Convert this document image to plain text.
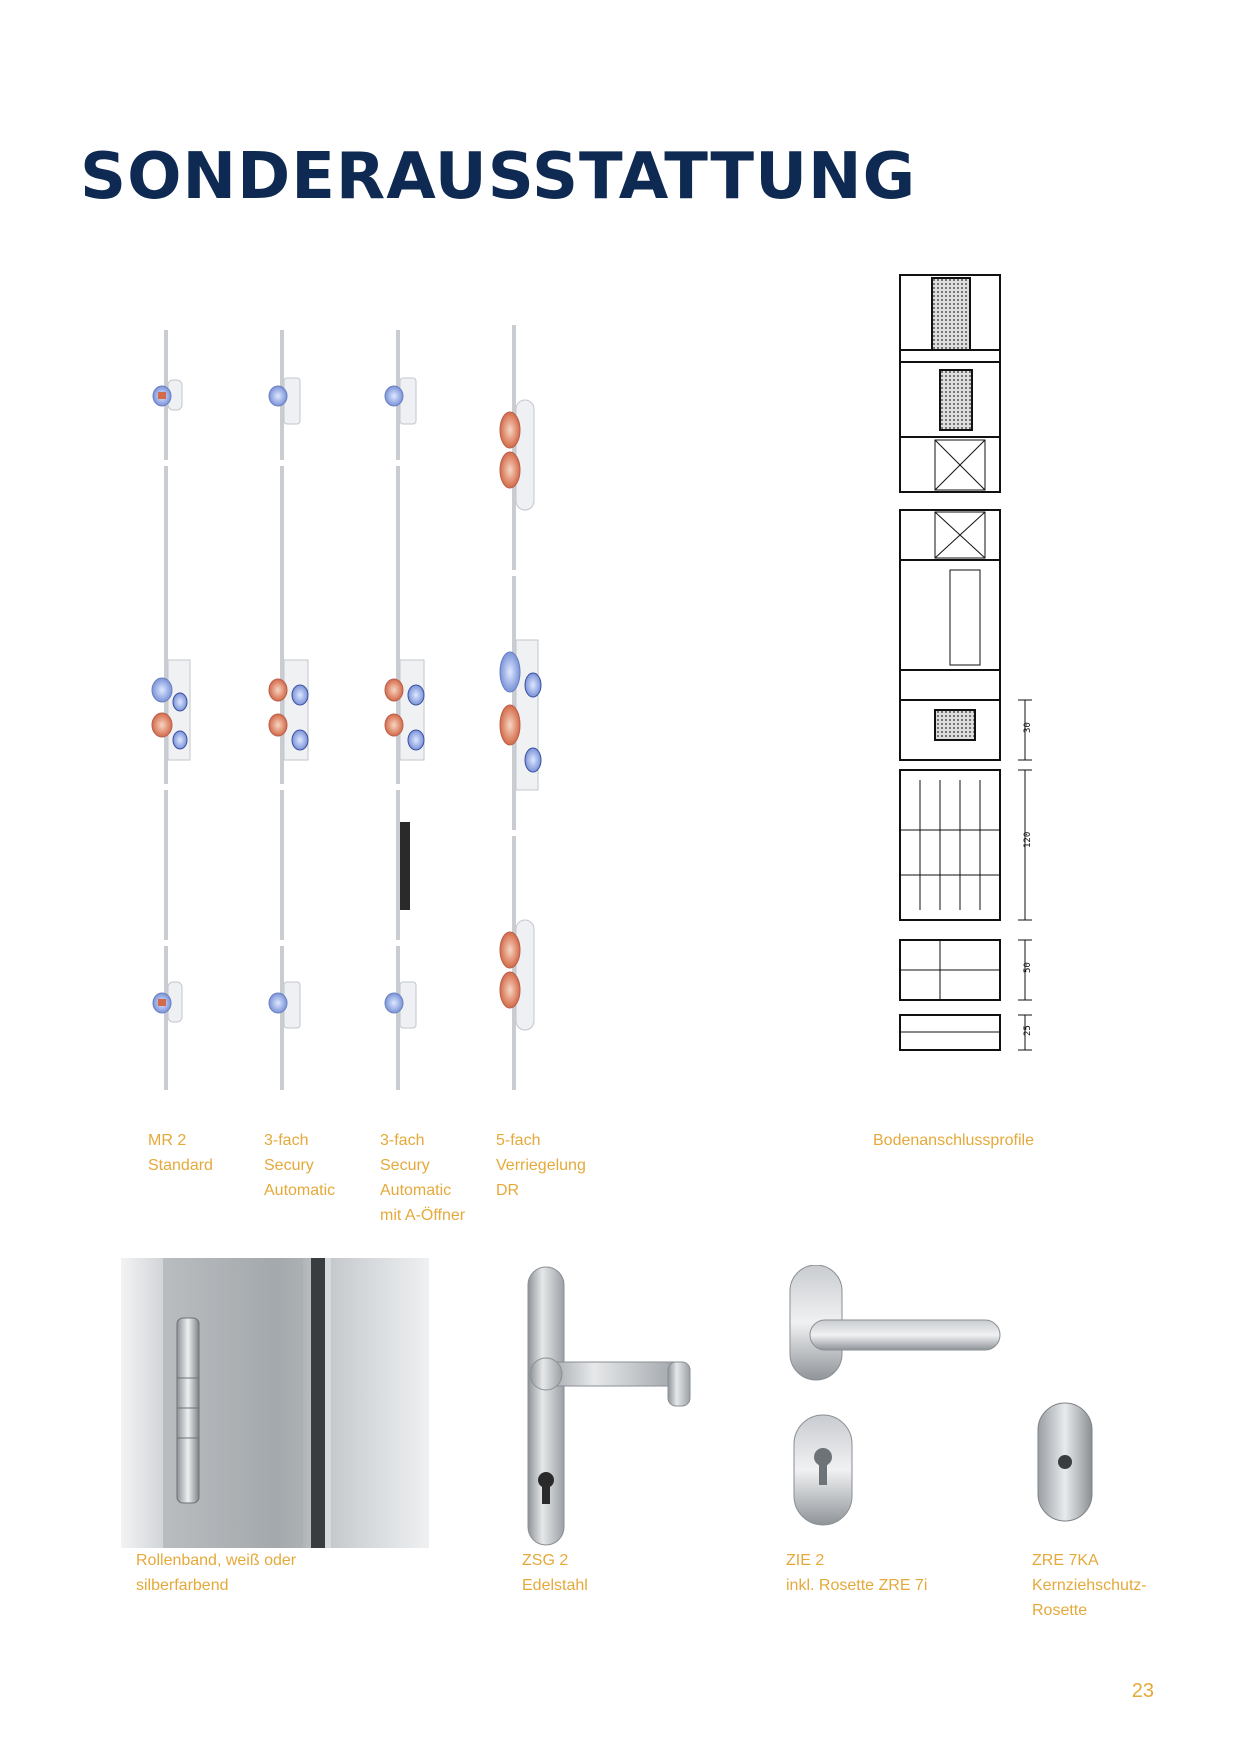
SONDERAUSSTATTUNG
30
120
50
25
MR 2
Standard
3-fach
Secury
Automatic
3-fach
Secury
Automatic
mit A-Öffner
5-fach
Verriegelung
DR
Bodenanschlussprofile
Rollenband, weiß oder
silberfarbend
ZSG 2
Edelstahl
ZIE 2
inkl. Rosette ZRE 7i
ZRE 7KA
Kernziehschutz-
Rosette
23
